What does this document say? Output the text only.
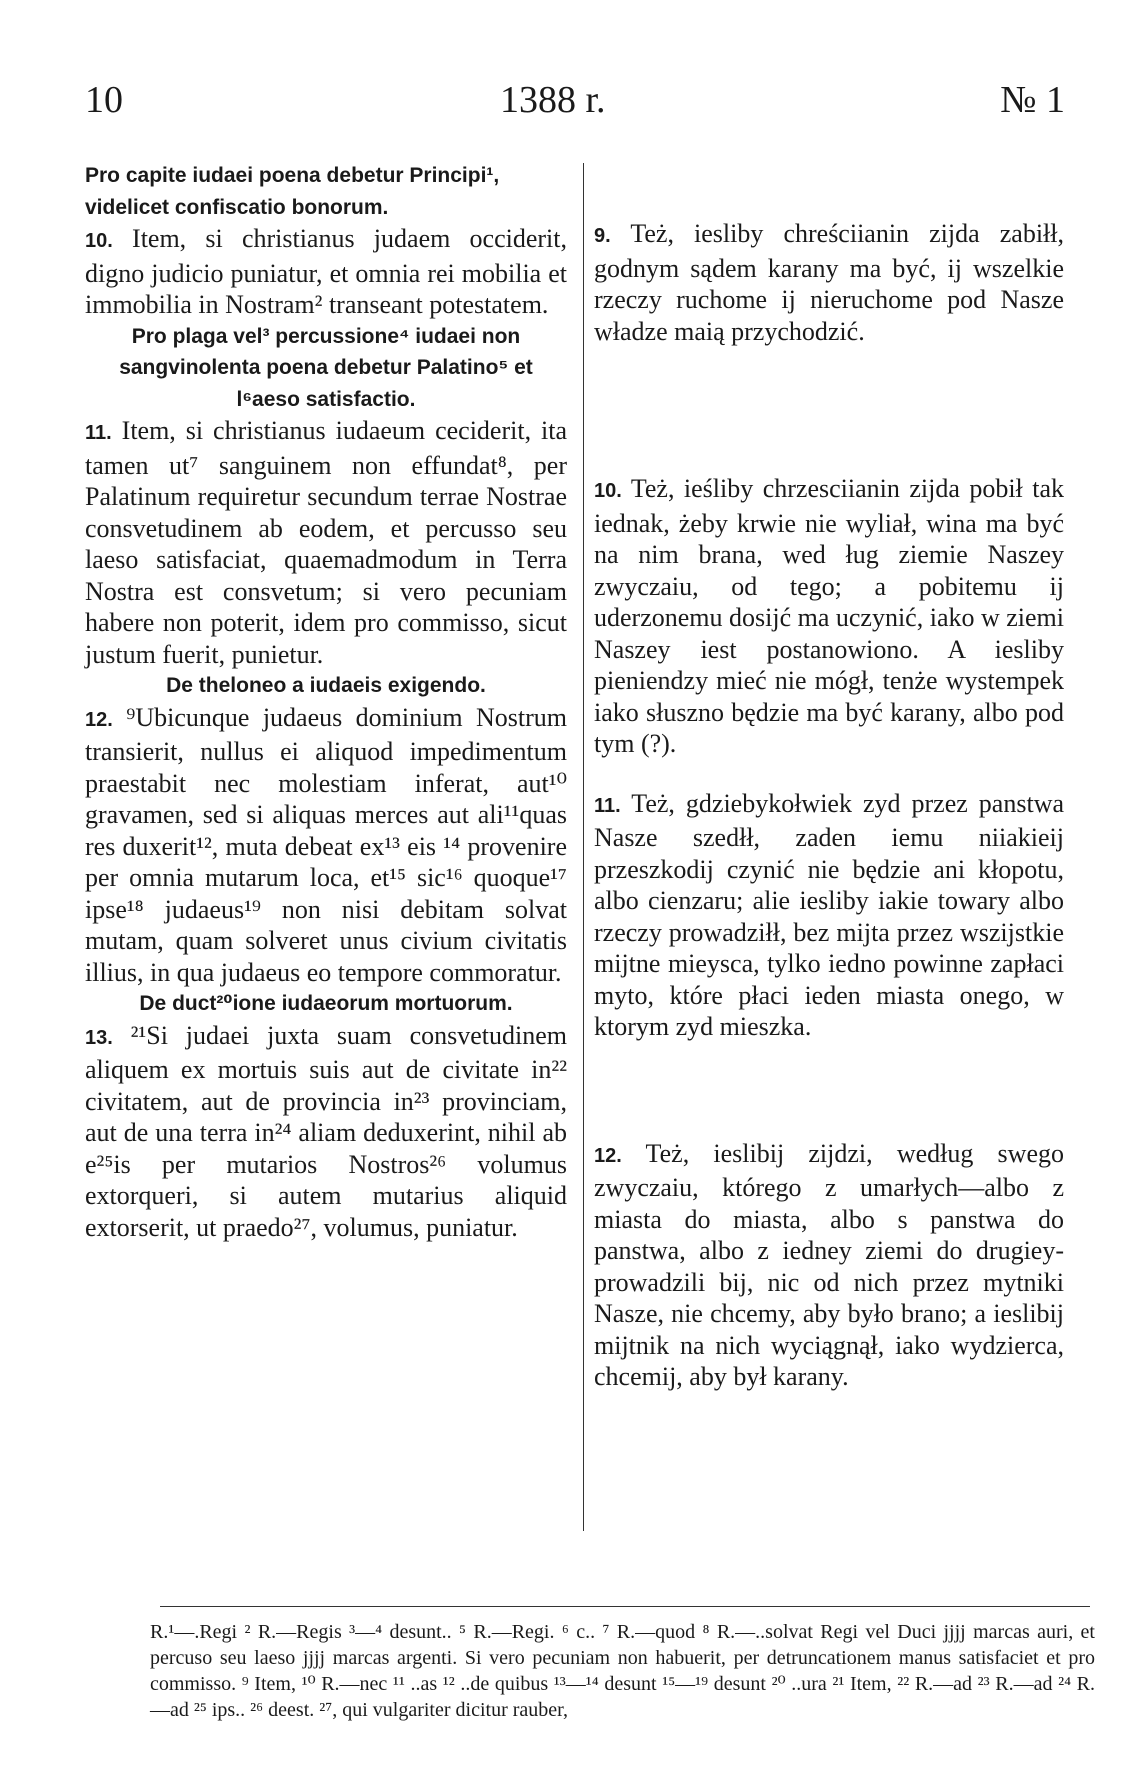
10	1388 r.	№ 1
Pro capite iudaei poena debetur Principi¹, videlicet confiscatio bonorum.
10. Item, si christianus judaem occiderit, digno judicio puniatur, et omnia rei mobilia et immobilia in Nostram² transeant potestatem.
Pro plaga vel³ percussione⁴ iudaei non sangvinolenta poena debetur Palatino⁵ et l⁶aeso satisfactio.
11. Item, si christianus iudaeum ceciderit, ita tamen ut⁷ sanguinem non effundat⁸, per Palatinum requiretur secundum terrae Nostrae consvetudinem ab eodem, et percusso seu laeso satisfaciat, quaemadmodum in Terra Nostra est consvetum; si vero pecuniam habere non poterit, idem pro commisso, sicut justum fuerit, punietur.
De theloneo a iudaeis exigendo.
12. ⁹Ubicunque judaeus dominium Nostrum transierit, nullus ei aliquod impedimentum praestabit nec molestiam inferat, aut¹⁰ gravamen, sed si aliquas merces aut ali¹¹quas res duxerit¹², muta debeat ex¹³ eis ¹⁴ provenire per omnia mutarum loca, et¹⁵ sic¹⁶ quoque¹⁷ ipse¹⁸ judaeus¹⁹ non nisi debitam solvat mutam, quam solveret unus civium civitatis illius, in qua judaeus eo tempore commoratur.
De duct²⁰ione iudaeorum mortuorum.
13. ²¹Si judaei juxta suam consvetudinem aliquem ex mortuis suis aut de civitate in²² civitatem, aut de provincia in²³ provinciam, aut de una terra in²⁴ aliam deduxerint, nihil ab e²⁵is per mutarios Nostros²⁶ volumus extorqueri, si autem mutarius aliquid extorserit, ut praedo²⁷, volumus, puniatur.
9. Też, iesliby chreściianin zijda zabiłł, godnym sądem karany ma być, ij wszelkie rzeczy ruchome ij nieruchome pod Nasze władze maią przychodzić.
10. Też, ieśliby chrzesciianin zijda pobił tak iednak, żeby krwie nie wyliał, wina ma być na nim brana, wed ług ziemie Naszey zwyczaiu, od tego; a pobitemu ij uderzonemu dosijć ma uczynić, iako w ziemi Naszey iest postanowiono. A iesliby pieniendzy mieć nie mógł, tenże wystempek iako słuszno będzie ma być karany, albo pod tym (?).
11. Też, gdziebykołwiek zyd przez panstwa Nasze szedłł, zaden iemu niiakieij przeszkodij czynić nie będzie ani kłopotu, albo cienzaru; alie iesliby iakie towary albo rzeczy prowadziłł, bez mijta przez wszijstkie mijtne mieysca, tylko iedno powinne zapłaci myto, które płaci ieden miasta onego, w ktorym zyd mieszka.
12. Też, ieslibij zijdzi, według swego zwyczaiu, którego z umarłych—albo z miasta do miasta, albo s panstwa do panstwa, albo z iedney ziemi do drugiey-prowadzili bij, nic od nich przez mytniki Nasze, nie chcemy, aby było brano; a ieslibij mijtnik na nich wyciągnął, iako wydzierca, chcemij, aby był karany.
R.¹—.Regi ² R.—Regis ³—⁴ desunt.. ⁵ R.—Regi. ⁶ c.. ⁷ R.—quod ⁸ R.—..solvat Regi vel Duci jjjj marcas auri, et percuso seu laeso jjjj marcas argenti. Si vero pecuniam non habuerit, per detruncationem manus satisfaciet et pro commisso. ⁹ Item, ¹⁰ R.—nec ¹¹ ..as ¹² ..de quibus ¹³—¹⁴ desunt ¹⁵—¹⁹ desunt ²⁰ ..ura ²¹ Item, ²² R.—ad ²³ R.—ad ²⁴ R.—ad ²⁵ ips.. ²⁶ deest. ²⁷, qui vulgariter dicitur rauber,
